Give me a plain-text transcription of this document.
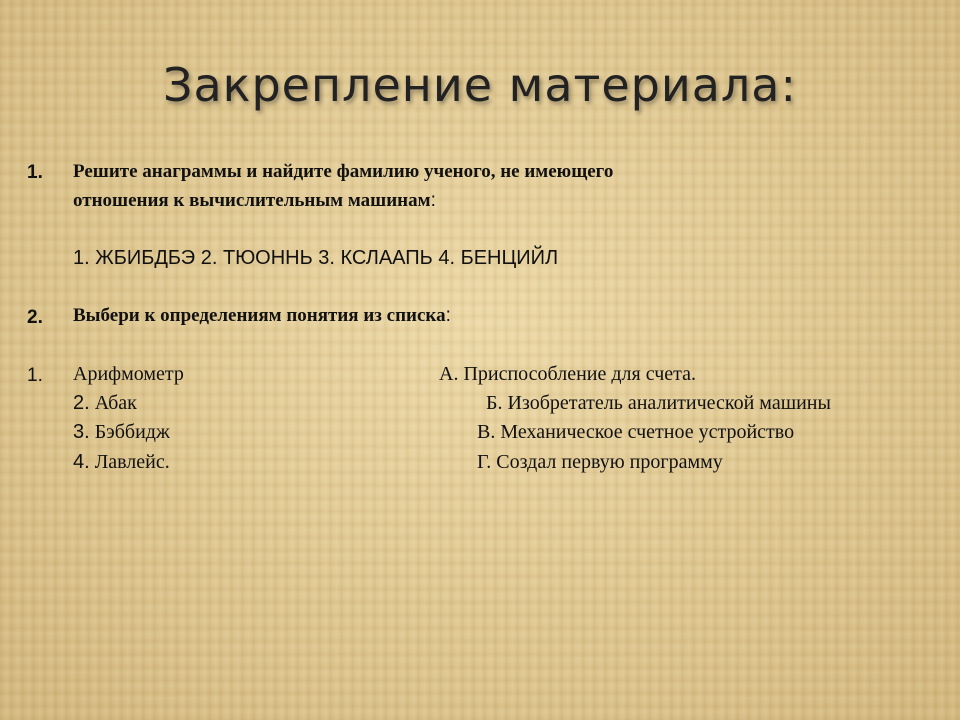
Закрепление материала:
1. Решите анаграммы и найдите фамилию ученого, не имеющего
отношения к вычислительным машинам:
1. ЖБИБДБЭ 2. ТЮОННЬ 3. КСЛААПЬ 4. БЕНЦИЙЛ
2. Выбери к определениям понятия из списка:
1. Арифмометр
2. Абак
3. Бэббидж
4. Лавлейс.
А. Приспособление для счета.
Б. Изобретатель аналитической машины
В. Механическое счетное устройство
Г. Создал первую программу
